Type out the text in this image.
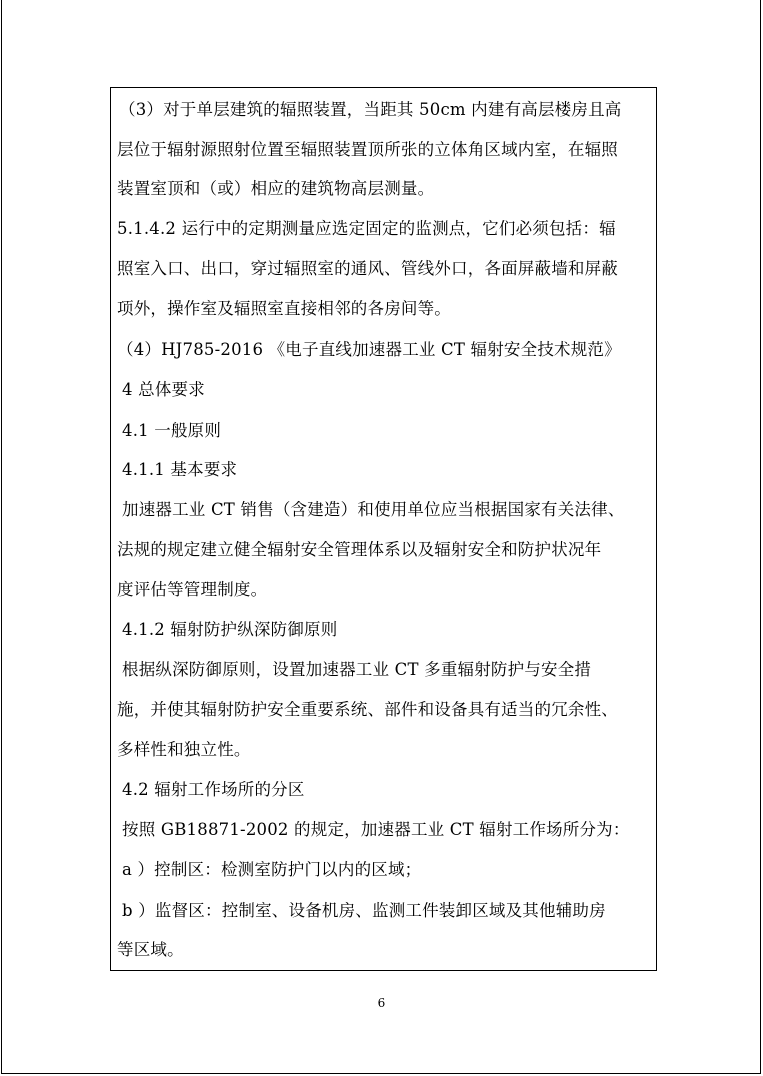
（3）对于单层建筑的辐照装置，当距其 50cm 内建有高层楼房且高
层位于辐射源照射位置至辐照装置顶所张的立体角区域内室，在辐照
装置室顶和（或）相应的建筑物高层测量。
5.1.4.2 运行中的定期测量应选定固定的监测点，它们必须包括：辐
照室入口、出口，穿过辐照室的通风、管线外口，各面屏蔽墙和屏蔽
项外，操作室及辐照室直接相邻的各房间等。
（4）HJ785-2016 《电子直线加速器工业 CT 辐射安全技术规范》
4 总体要求
4.1 一般原则
4.1.1 基本要求
加速器工业 CT 销售（含建造）和使用单位应当根据国家有关法律、
法规的规定建立健全辐射安全管理体系以及辐射安全和防护状况年
度评估等管理制度。
4.1.2 辐射防护纵深防御原则
根据纵深防御原则，设置加速器工业 CT 多重辐射防护与安全措
施，并使其辐射防护安全重要系统、部件和设备具有适当的冗余性、
多样性和独立性。
4.2 辐射工作场所的分区
按照 GB18871-2002 的规定，加速器工业 CT 辐射工作场所分为：
a ）控制区：检测室防护门以内的区域；
b ）监督区：控制室、设备机房、监测工件装卸区域及其他辅助房
等区域。
6
